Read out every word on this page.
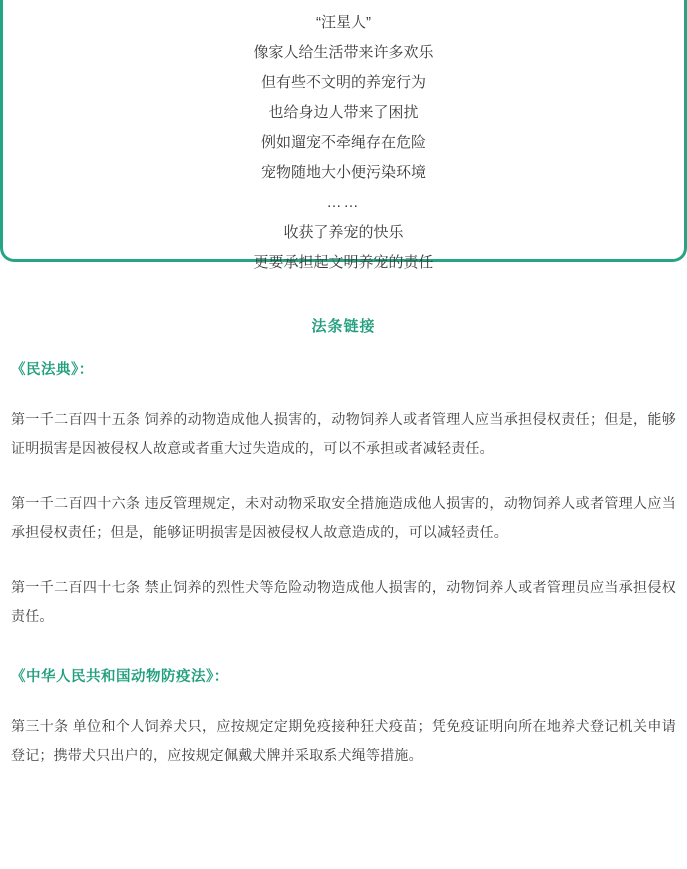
“汪星人”
像家人给生活带来许多欢乐
但有些不文明的养宠行为
也给身边人带来了困扰
例如遛宠不牵绳存在危险
宠物随地大小便污染环境
……
收获了养宠的快乐
更要承担起文明养宠的责任
法条链接
《民法典》：

第一千二百四十五条 饲养的动物造成他人损害的，动物饲养人或者管理人应当承担侵权责任；但是，能够证明损害是因被侵权人故意或者重大过失造成的，可以不承担或者减轻责任。

第一千二百四十六条 违反管理规定，未对动物采取安全措施造成他人损害的，动物饲养人或者管理人应当承担侵权责任；但是，能够证明损害是因被侵权人故意造成的，可以减轻责任。

第一千二百四十七条 禁止饲养的烈性犬等危险动物造成他人损害的，动物饲养人或者管理员应当承担侵权责任。

《中华人民共和国动物防疫法》：

第三十条 单位和个人饲养犬只，应按规定定期免疫接种狂犬疫苗；凭免疫证明向所在地养犬登记机关申请登记；携带犬只出户的，应按规定佩戴犬牌并采取系犬绳等措施。
